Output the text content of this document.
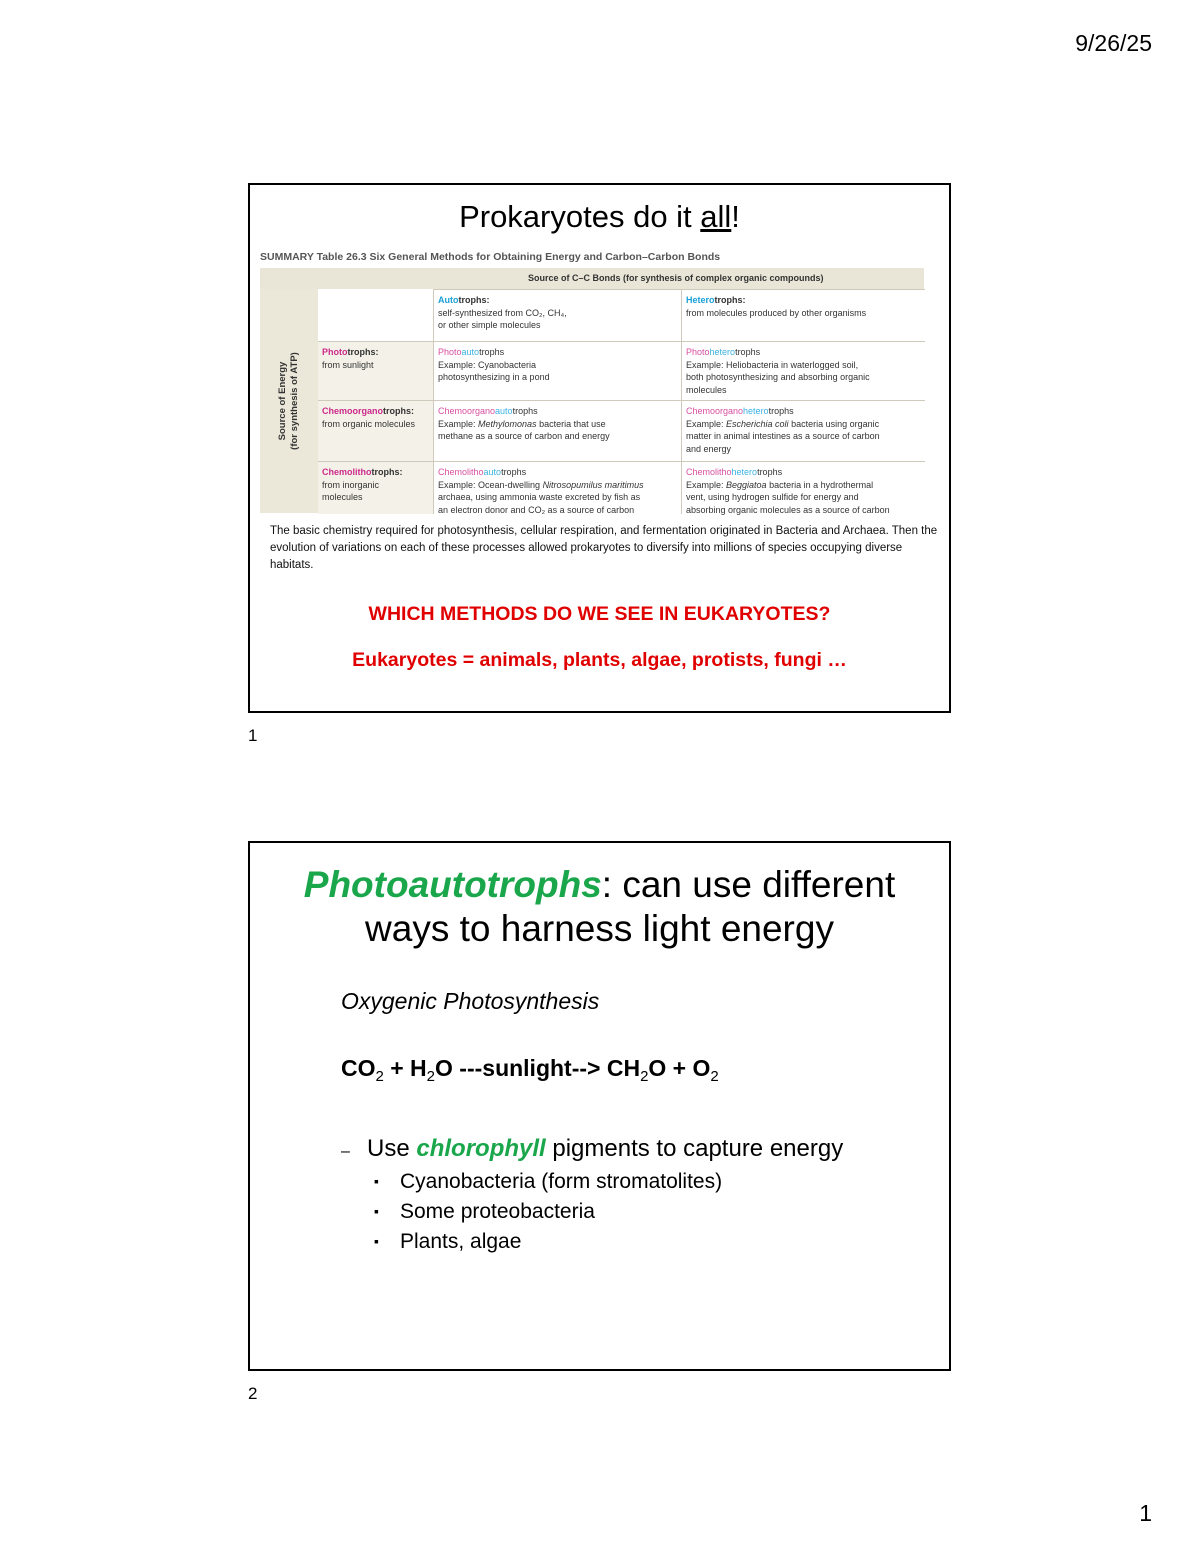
9/26/25
Prokaryotes do it all!
SUMMARY Table 26.3 Six General Methods for Obtaining Energy and Carbon–Carbon Bonds
Source of C–C Bonds (for synthesis of complex organic compounds)
Source of Energy (for synthesis of ATP)
Autotrophs:
self-synthesized from CO₂, CH₄,
or other simple molecules
Heterotrophs:
from molecules produced by other organisms
Phototrophs:
from sunlight
Photoautotrophs
Example: Cyanobacteria
photosynthesizing in a pond
Photoheterotrophs
Example: Heliobacteria in waterlogged soil,
both photosynthesizing and absorbing organic
molecules
Chemoorganotrophs:
from organic molecules
Chemoorganoautotrophs
Example: Methylomonas bacteria that use
methane as a source of carbon and energy
Chemoorganoheterotrophs
Example: Escherichia coli bacteria using organic
matter in animal intestines as a source of carbon
and energy
Chemolithotrophs:
from inorganic
molecules
Chemolithoautotrophs
Example: Ocean-dwelling Nitrosopumilus maritimus
archaea, using ammonia waste excreted by fish as
an electron donor and CO₂ as a source of carbon
Chemolithoheterotrophs
Example: Beggiatoa bacteria in a hydrothermal
vent, using hydrogen sulfide for energy and
absorbing organic molecules as a source of carbon
The basic chemistry required for photosynthesis, cellular respiration, and fermentation originated in Bacteria and Archaea. Then the evolution of variations on each of these processes allowed prokaryotes to diversify into millions of species occupying diverse habitats.
WHICH METHODS DO WE SEE IN EUKARYOTES?
Eukaryotes = animals, plants, algae, protists, fungi …
1
Photoautotrophs: can use different
ways to harness light energy
Oxygenic Photosynthesis
$CO_2 + H_2O$ ---sunlight--> $CH_2O + O_2$
– Use chlorophyll pigments to capture energy
▪ Cyanobacteria (form stromatolites)
▪ Some proteobacteria
▪ Plants, algae
2
1
